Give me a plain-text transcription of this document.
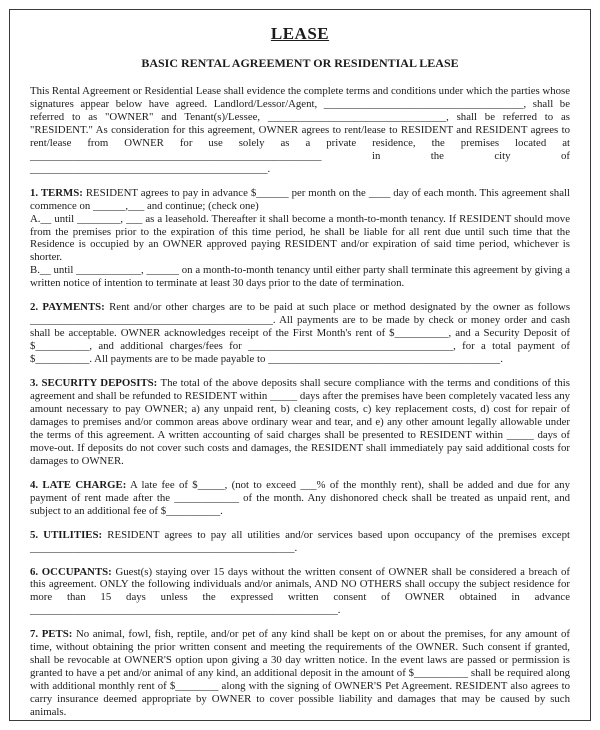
LEASE
BASIC RENTAL AGREEMENT OR RESIDENTIAL LEASE

This Rental Agreement or Residential Lease shall evidence the complete terms and conditions under which the parties whose signatures appear below have agreed. Landlord/Lessor/Agent, _____________________________________, shall be referred to as "OWNER" and Tenant(s)/Lessee, _________________________________, shall be referred to as "RESIDENT." As consideration for this agreement, OWNER agrees to rent/lease to RESIDENT and RESIDENT agrees to rent/lease from OWNER for use solely as a private residence, the premises located at ______________________________________________________ in the city of ____________________________________________.

1. TERMS: RESIDENT agrees to pay in advance $______ per month on the ____ day of each month. This agreement shall commence on ______,___ and continue; (check one)

A.__ until ________, ___ as a leasehold. Thereafter it shall become a month-to-month tenancy. If RESIDENT should move from the premises prior to the expiration of this time period, he shall be liable for all rent due until such time that the Residence is occupied by an OWNER approved paying RESIDENT and/or expiration of said time period, whichever is shorter.

B.__ until ____________, ______ on a month-to-month tenancy until either party shall terminate this agreement by giving a written notice of intention to terminate at least 30 days prior to the date of termination.

2. PAYMENTS: Rent and/or other charges are to be paid at such place or method designated by the owner as follows _____________________________________________. All payments are to be made by check or money order and cash shall be acceptable. OWNER acknowledges receipt of the First Month's rent of $__________, and a Security Deposit of $__________, and additional charges/fees for ______________________________________, for a total payment of $__________. All payments are to be made payable to ___________________________________________.

3. SECURITY DEPOSITS: The total of the above deposits shall secure compliance with the terms and conditions of this agreement and shall be refunded to RESIDENT within _____ days after the premises have been completely vacated less any amount necessary to pay OWNER; a) any unpaid rent, b) cleaning costs, c) key replacement costs, d) cost for repair of damages to premises and/or common areas above ordinary wear and tear, and e) any other amount legally allowable under the terms of this agreement. A written accounting of said charges shall be presented to RESIDENT within _____ days of move-out. If deposits do not cover such costs and damages, the RESIDENT shall immediately pay said additional costs for damages to OWNER.

4. LATE CHARGE: A late fee of $_____, (not to exceed ___% of the monthly rent), shall be added and due for any payment of rent made after the ____________ of the month. Any dishonored check shall be treated as unpaid rent, and subject to an additional fee of $__________.

5. UTILITIES: RESIDENT agrees to pay all utilities and/or services based upon occupancy of the premises except _________________________________________________.

6. OCCUPANTS: Guest(s) staying over 15 days without the written consent of OWNER shall be considered a breach of this agreement. ONLY the following individuals and/or animals, AND NO OTHERS shall occupy the subject residence for more than 15 days unless the expressed written consent of OWNER obtained in advance _________________________________________________________.

7. PETS: No animal, fowl, fish, reptile, and/or pet of any kind shall be kept on or about the premises, for any amount of time, without obtaining the prior written consent and meeting the requirements of the OWNER. Such consent if granted, shall be revocable at OWNER'S option upon giving a 30 day written notice. In the event laws are passed or permission is granted to have a pet and/or animal of any kind, an additional deposit in the amount of $__________ shall be required along with additional monthly rent of $________ along with the signing of OWNER'S Pet Agreement. RESIDENT also agrees to carry insurance deemed appropriate by OWNER to cover possible liability and damages that may be caused by such animals.
